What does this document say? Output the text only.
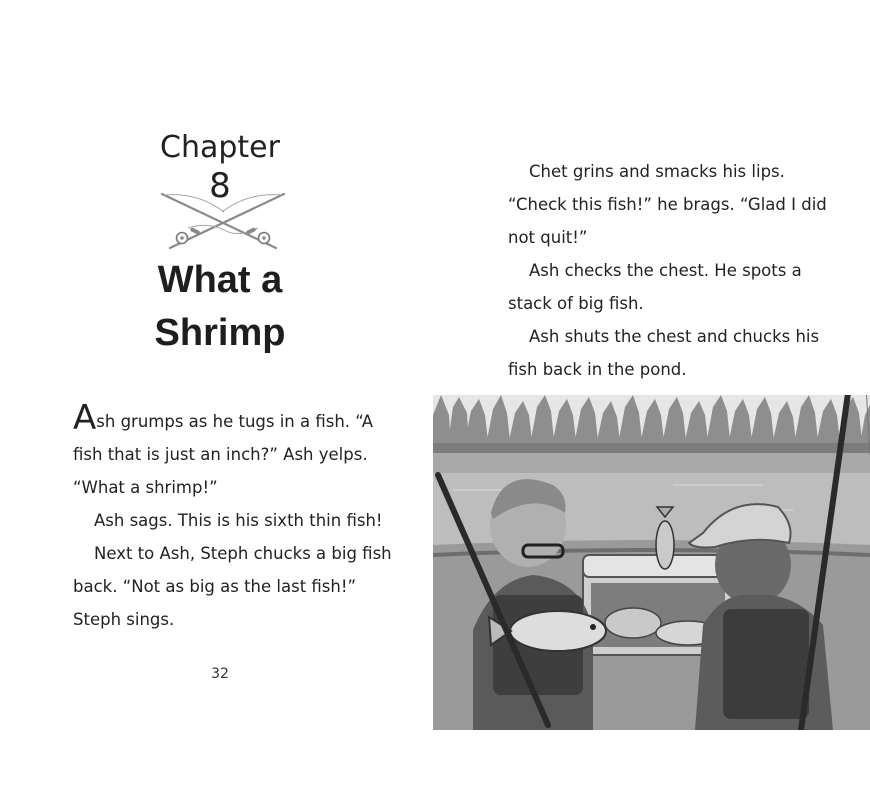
Chapter
8
What a
Shrimp

Ash grumps as he tugs in a fish. “A fish that is just an inch?” Ash yelps. “What a shrimp!”

Ash sags. This is his sixth thin fish!

Next to Ash, Steph chucks a big fish back. “Not as big as the last fish!” Steph sings.

32

Chet grins and smacks his lips. “Check this fish!” he brags. “Glad I did not quit!”

Ash checks the chest. He spots a stack of big fish.

Ash shuts the chest and chucks his fish back in the pond.
